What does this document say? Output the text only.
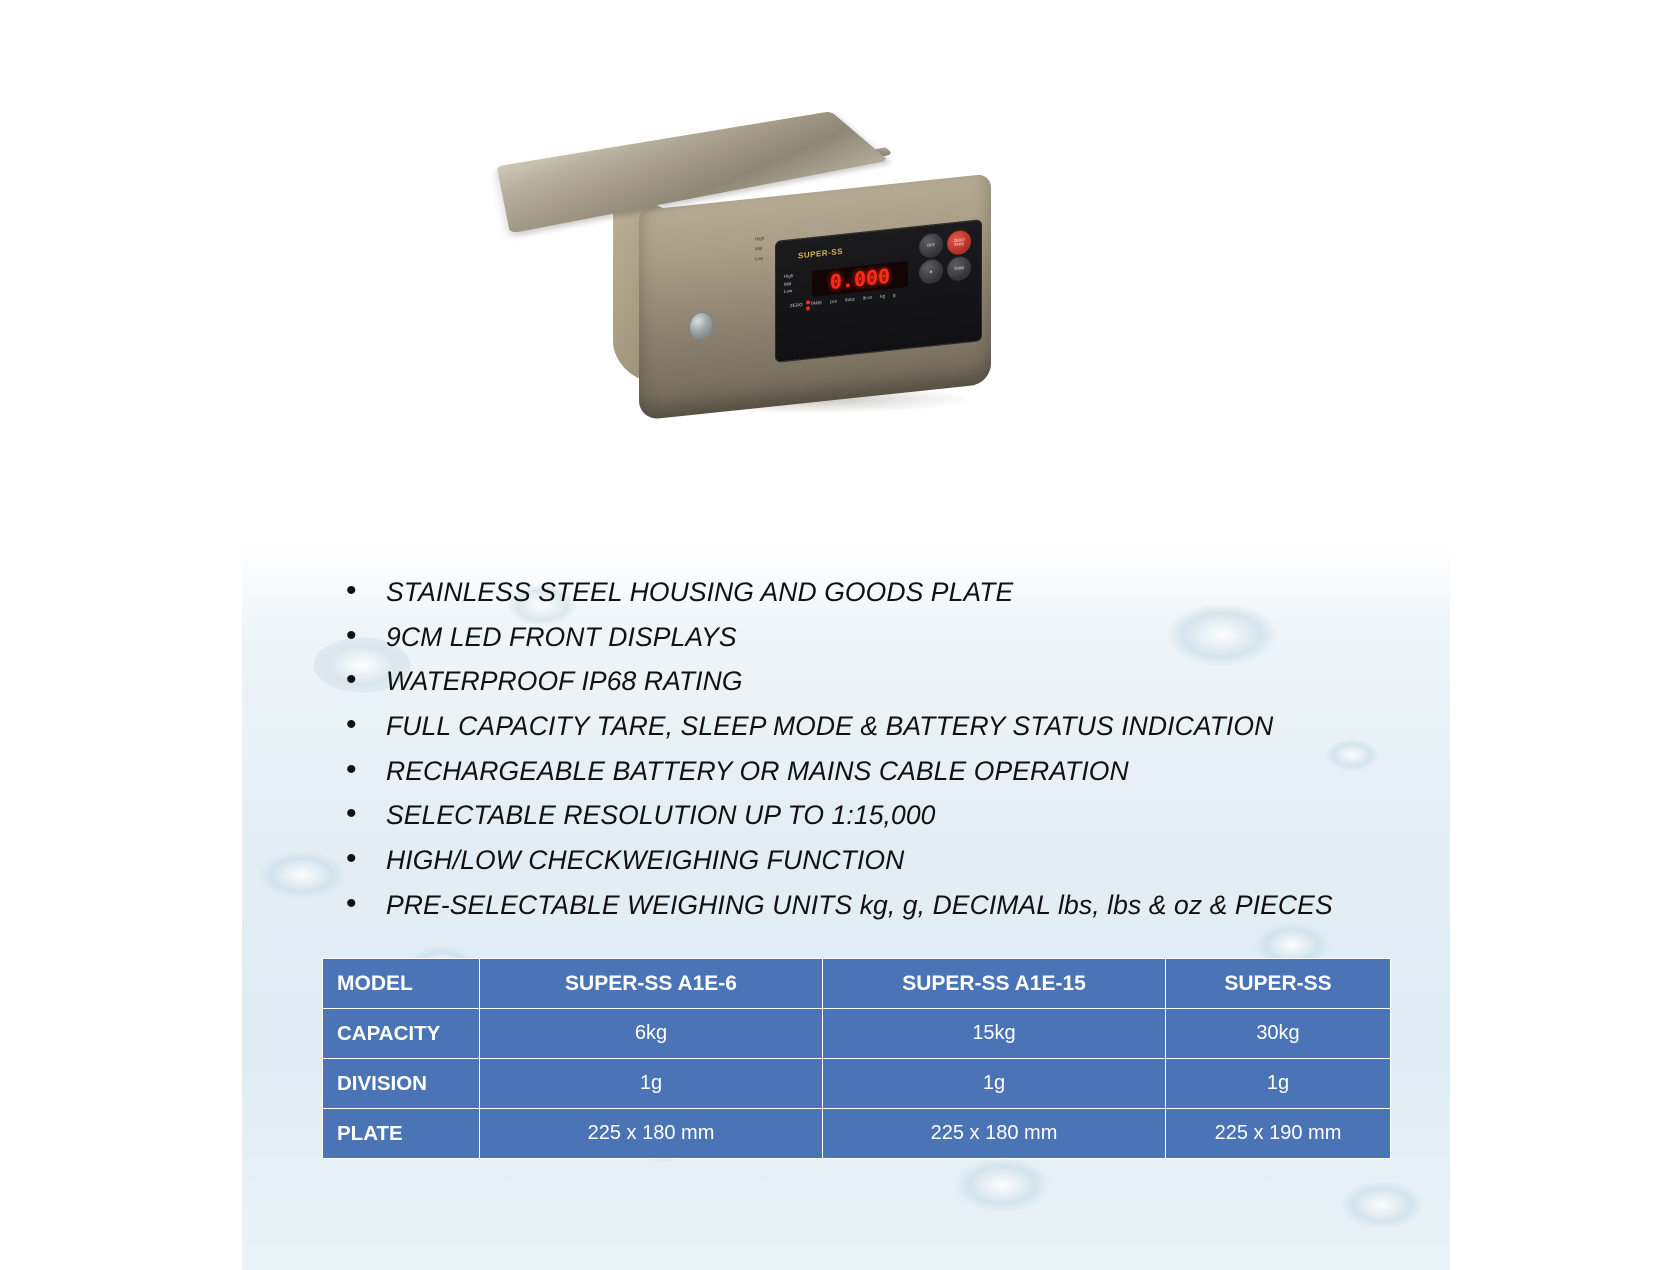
High
Mid
Low	SUPER-SS
High
Mid
Low 0.000
ZERO TARE pcs lb/oz lb:oz kg g
OFF
ZERO TARE
▲	TARE
• STAINLESS STEEL HOUSING AND GOODS PLATE
• 9CM LED FRONT DISPLAYS
• WATERPROOF IP68 RATING
• FULL CAPACITY TARE, SLEEP MODE & BATTERY STATUS INDICATION
• RECHARGEABLE BATTERY OR MAINS CABLE OPERATION
• SELECTABLE RESOLUTION UP TO 1:15,000
• HIGH/LOW CHECKWEIGHING FUNCTION
• PRE-SELECTABLE WEIGHING UNITS kg, g, DECIMAL lbs, lbs & oz & PIECES
MODEL	SUPER-SS A1E-6	SUPER-SS A1E-15	SUPER-SS
CAPACITY	6kg	15kg	30kg
DIVISION	1g	1g	1g
PLATE	225 x 180 mm	225 x 180 mm	225 x 190 mm
